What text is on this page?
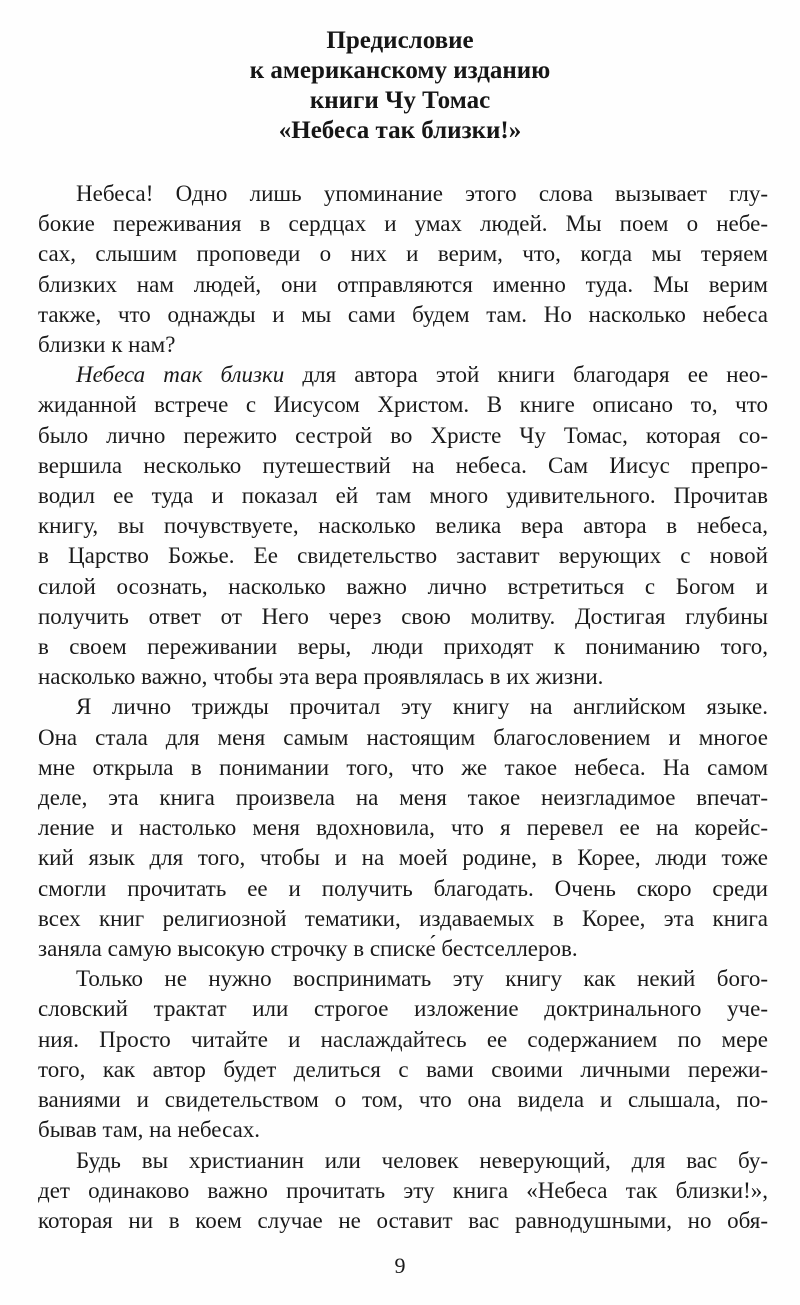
Предисловие
к американскому изданию
книги Чу Томас
«Небеса так близки!»
Небеса! Одно лишь упоминание этого слова вызывает глу-
бокие переживания в сердцах и умах людей. Мы поем о небе-
сах, слышим проповеди о них и верим, что, когда мы теряем
близких нам людей, они отправляются именно туда. Мы верим
также, что однажды и мы сами будем там. Но насколько небеса
близки к нам?
Небеса так близки для автора этой книги благодаря ее нео-
жиданной встрече с Иисусом Христом. В книге описано то, что
было лично пережито сестрой во Христе Чу Томас, которая со-
вершила несколько путешествий на небеса. Сам Иисус препро-
водил ее туда и показал ей там много удивительного. Прочитав
книгу, вы почувствуете, насколько велика вера автора в небеса,
в Царство Божье. Ее свидетельство заставит верующих с новой
силой осознать, насколько важно лично встретиться с Богом и
получить ответ от Него через свою молитву. Достигая глубины
в своем переживании веры, люди приходят к пониманию того,
насколько важно, чтобы эта вера проявлялась в их жизни.
Я лично трижды прочитал эту книгу на английском языке.
Она стала для меня самым настоящим благословением и многое
мне открыла в понимании того, что же такое небеса. На самом
деле, эта книга произвела на меня такое неизгладимое впечат-
ление и настолько меня вдохновила, что я перевел ее на корейс-
кий язык для того, чтобы и на моей родине, в Корее, люди тоже
смогли прочитать ее и получить благодать. Очень скоро среди
всех книг религиозной тематики, издаваемых в Корее, эта книга
заняла самую высокую строчку в списке́ бестселлеров.
Только не нужно воспринимать эту книгу как некий бого-
словский трактат или строгое изложение доктринального уче-
ния. Просто читайте и наслаждайтесь ее содержанием по мере
того, как автор будет делиться с вами своими личными пережи-
ваниями и свидетельством о том, что она видела и слышала, по-
бывав там, на небесах.
Будь вы христианин или человек неверующий, для вас бу-
дет одинаково важно прочитать эту книга «Небеса так близки!»,
которая ни в коем случае не оставит вас равнодушными, но обя-
9
